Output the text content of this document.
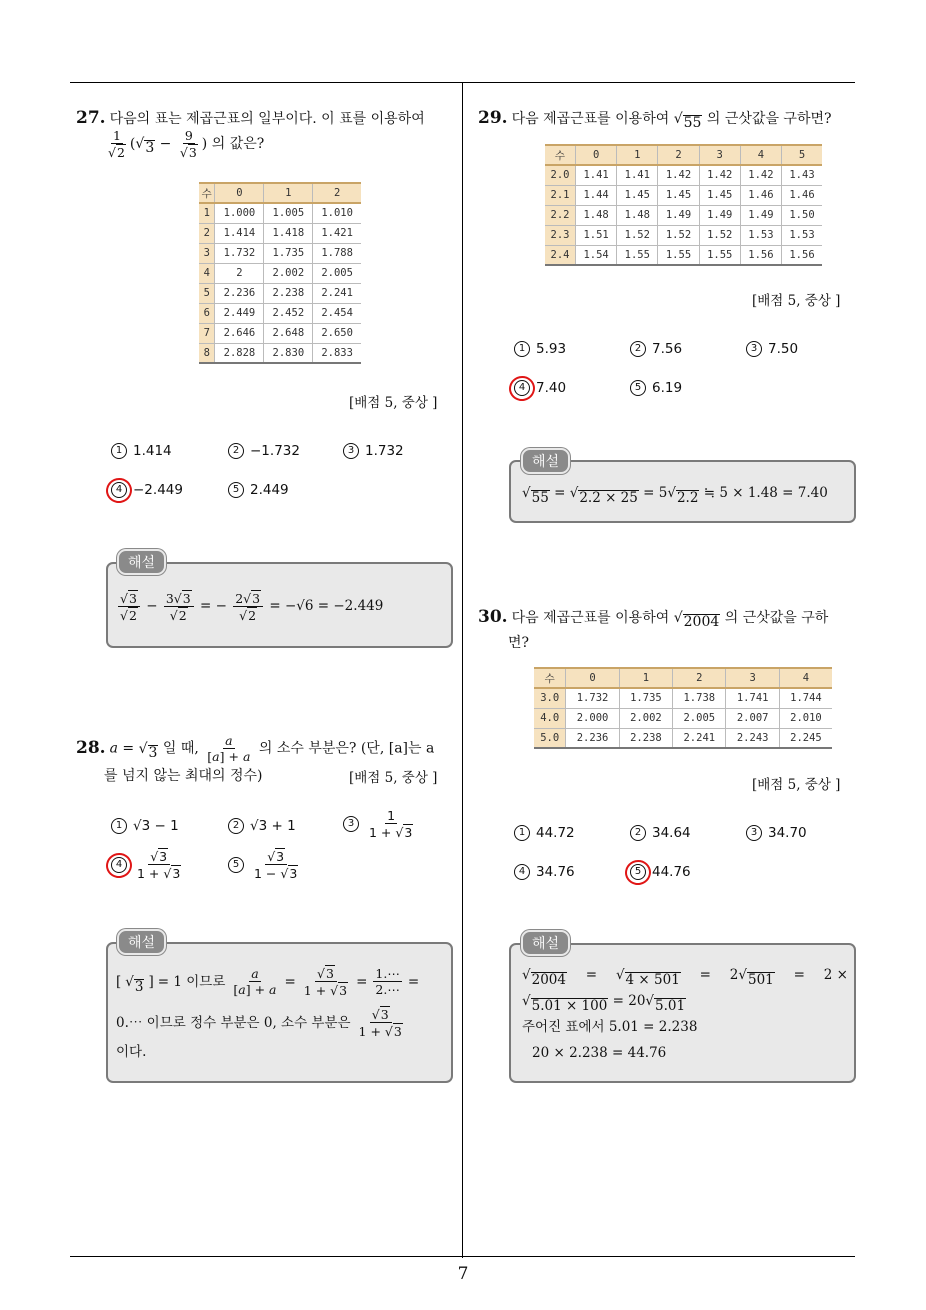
7
27. 다음의 표는 제곱근표의 일부이다. 이 표를 이용하여
$\frac{1}{√ 2}$ ( √ $3 - \frac{9}{√ 3}$ ) 의 값은?
수	0	1	2
1	1.000	1.005	1.010
2	1.414	1.418	1.421
3	1.732	1.735	1.788
4	2	2.002	2.005
5	2.236	2.238	2.241
6	2.449	2.452	2.454
7	2.646	2.648	2.650
8	2.828	2.830	2.833
[배점 5, 중상 ]
1 1.414	2 −1.732	3 1.732
4 −2.449	5 2.449
해설
$\frac{√ 3}{√ 2} - \frac{3 √ 3}{√ 2}$ = − $\frac{2 √ 3}{√ 2} = -√6 = -2.449$
28. a = √ 3 일 때, $\frac{a}{[a] + a}$ 의 소수 부분은? (단, [a]는 a
를 넘지 않는 최대의 정수)	[배점 5, 중상 ]
1 √3 − 1	2 √3 + 1	3	$\frac{1}{1 + √ 3}$
4	$\frac{√ 3}{1 + √ 3}$	5	$\frac{√ 3}{1 - √ 3}$
해설
[ √ 3 ] = 1 이므로 $\frac{a}{[a] + a} = \frac{√ 3}{1 + √ 3} = \frac{1.\cdots}{2.\cdots}$ =
0.⋯ 이므로 정수 부분은 0, 소수 부분은 $\frac{√ 3}{1 + √ 3}$
이다.
29. 다음 제곱근표를 이용하여 √ 55 의 근삿값을 구하면?
수	0	1	2	3	4	5
2.0	1.41	1.41	1.42	1.42	1.42	1.43
2.1	1.44	1.45	1.45	1.45	1.46	1.46
2.2	1.48	1.48	1.49	1.49	1.49	1.50
2.3	1.51	1.52	1.52	1.52	1.53	1.53
2.4	1.54	1.55	1.55	1.55	1.56	1.56
[배점 5, 중상 ]
1 5.93	2 7.56	3 7.50
4 7.40	5 6.19
해설
√ 55 = √ 2.2 × 25 = 5 √ 2.2 ≒ 5 × 1.48 = 7.40
30. 다음 제곱근표를 이용하여 √ 2004 의 근삿값을 구하
면?
수	0	1	2	3	4
3.0	1.732	1.735	1.738	1.741	1.744
4.0	2.000	2.002	2.005	2.007	2.010
5.0	2.236	2.238	2.241	2.243	2.245
[배점 5, 중상 ]
1 44.72	2 34.64	3 34.70
4 34.76	5 44.76
해설
√ 2004 = √ 4 × 501 = 2 √ 501 = 2 ×
√ 5.01 × 100 = 20 √ 5.01
주어진 표에서 5.01 = 2.238
20 × 2.238 = 44.76
